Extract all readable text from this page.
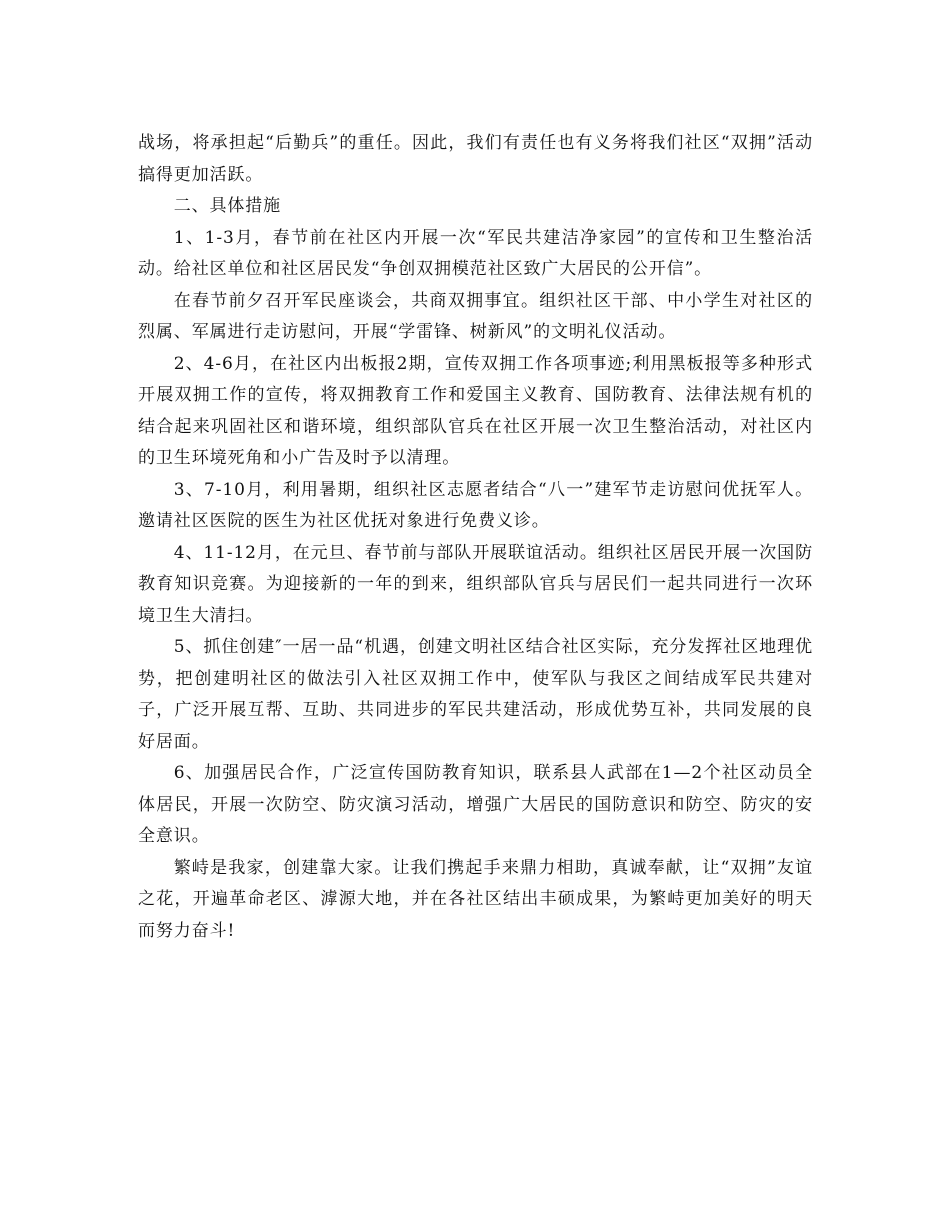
战场，将承担起“后勤兵”的重任。因此，我们有责任也有义务将我们社区“双拥”活动搞得更加活跃。

二、具体措施

1、1-3月，春节前在社区内开展一次“军民共建洁净家园”的宣传和卫生整治活动。给社区单位和社区居民发“争创双拥模范社区致广大居民的公开信”。

在春节前夕召开军民座谈会，共商双拥事宜。组织社区干部、中小学生对社区的烈属、军属进行走访慰问，开展“学雷锋、树新风”的文明礼仪活动。

2、4-6月，在社区内出板报2期，宣传双拥工作各项事迹;利用黑板报等多种形式开展双拥工作的宣传，将双拥教育工作和爱国主义教育、国防教育、法律法规有机的结合起来巩固社区和谐环境，组织部队官兵在社区开展一次卫生整治活动，对社区内的卫生环境死角和小广告及时予以清理。

3、7-10月，利用暑期，组织社区志愿者结合“八一”建军节走访慰问优抚军人。邀请社区医院的医生为社区优抚对象进行免费义诊。

4、11-12月，在元旦、春节前与部队开展联谊活动。组织社区居民开展一次国防教育知识竞赛。为迎接新的一年的到来，组织部队官兵与居民们一起共同进行一次环境卫生大清扫。

5、抓住创建″一居一品“机遇，创建文明社区结合社区实际，充分发挥社区地理优势，把创建明社区的做法引入社区双拥工作中，使军队与我区之间结成军民共建对子，广泛开展互帮、互助、共同进步的军民共建活动，形成优势互补，共同发展的良好居面。

6、加强居民合作，广泛宣传国防教育知识，联系县人武部在1—2个社区动员全体居民，开展一次防空、防灾演习活动，增强广大居民的国防意识和防空、防灾的安全意识。

繁峙是我家，创建靠大家。让我们携起手来鼎力相助，真诚奉献，让“双拥”友谊之花，开遍革命老区、滹源大地，并在各社区结出丰硕成果，为繁峙更加美好的明天而努力奋斗!
